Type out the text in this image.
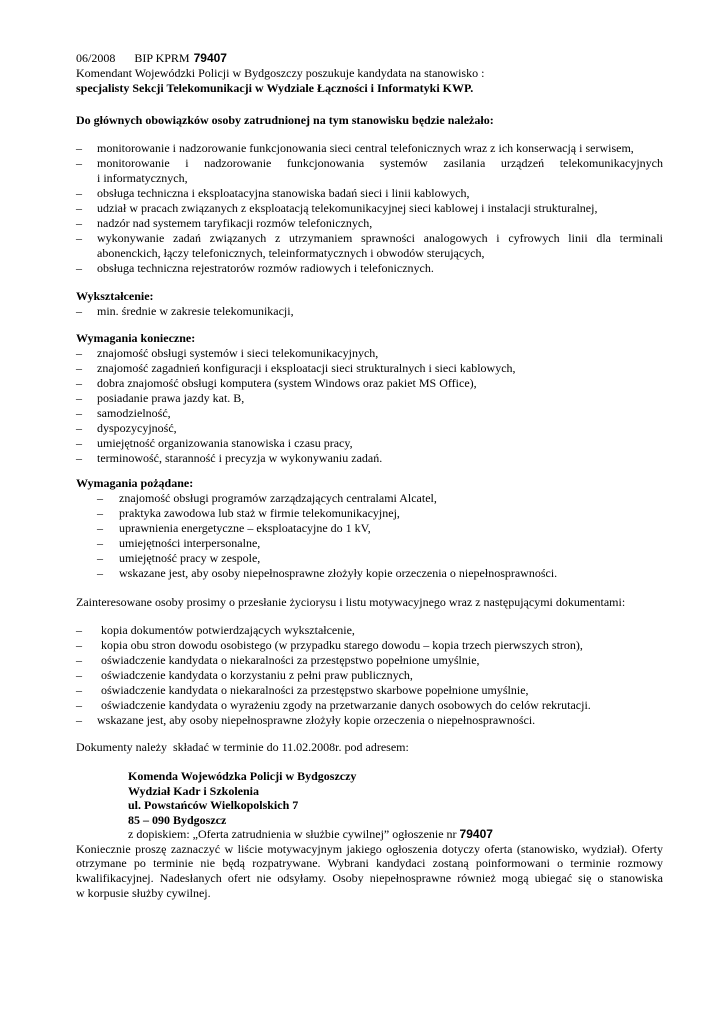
06/2008 BIP KPRM 79407
Komendant Wojewódzki Policji w Bydgoszczy poszukuje kandydata na stanowisko :
specjalisty Sekcji Telekomunikacji w Wydziale Łączności i Informatyki KWP.
Do głównych obowiązków osoby zatrudnionej na tym stanowisku będzie należało:
– monitorowanie i nadzorowanie funkcjonowania sieci central telefonicznych wraz z ich konserwacją i serwisem,
– monitorowanie i nadzorowanie funkcjonowania systemów zasilania urządzeń telekomunikacyjnych i informatycznych,
– obsługa techniczna i eksploatacyjna stanowiska badań sieci i linii kablowych,
– udział w pracach związanych z eksploatacją telekomunikacyjnej sieci kablowej i instalacji strukturalnej,
– nadzór nad systemem taryfikacji rozmów telefonicznych,
– wykonywanie zadań związanych z utrzymaniem sprawności analogowych i cyfrowych linii dla terminali abonenckich, łączy telefonicznych, teleinformatycznych i obwodów sterujących,
– obsługa techniczna rejestratorów rozmów radiowych i telefonicznych.
Wykształcenie:
– min. średnie w zakresie telekomunikacji,
Wymagania konieczne:
– znajomość obsługi systemów i sieci telekomunikacyjnych,
– znajomość zagadnień konfiguracji i eksploatacji sieci strukturalnych i sieci kablowych,
– dobra znajomość obsługi komputera (system Windows oraz pakiet MS Office),
– posiadanie prawa jazdy kat. B,
– samodzielność,
– dyspozycyjność,
– umiejętność organizowania stanowiska i czasu pracy,
– terminowość, staranność i precyzja w wykonywaniu zadań.
Wymagania pożądane:
– znajomość obsługi programów zarządzających centralami Alcatel,
– praktyka zawodowa lub staż w firmie telekomunikacyjnej,
– uprawnienia energetyczne – eksploatacyjne do 1 kV,
– umiejętności interpersonalne,
– umiejętność pracy w zespole,
– wskazane jest, aby osoby niepełnosprawne złożyły kopie orzeczenia o niepełnosprawności.
Zainteresowane osoby prosimy o przesłanie życiorysu i listu motywacyjnego wraz z następującymi dokumentami:
– kopia dokumentów potwierdzających wykształcenie,
– kopia obu stron dowodu osobistego (w przypadku starego dowodu – kopia trzech pierwszych stron),
– oświadczenie kandydata o niekaralności za przestępstwo popełnione umyślnie,
– oświadczenie kandydata o korzystaniu z pełni praw publicznych,
– oświadczenie kandydata o niekaralności za przestępstwo skarbowe popełnione umyślnie,
– oświadczenie kandydata o wyrażeniu zgody na przetwarzanie danych osobowych do celów rekrutacji.
– wskazane jest, aby osoby niepełnosprawne złożyły kopie orzeczenia o niepełnosprawności.
Dokumenty należy  składać w terminie do 11.02.2008r. pod adresem:
Komenda Wojewódzka Policji w Bydgoszczy
Wydział Kadr i Szkolenia
ul. Powstańców Wielkopolskich 7
85 – 090 Bydgoszcz
z dopiskiem: „Oferta zatrudnienia w służbie cywilnej” ogłoszenie nr 79407
Koniecznie proszę zaznaczyć w liście motywacyjnym jakiego ogłoszenia dotyczy oferta (stanowisko, wydział). Oferty otrzymane po terminie nie będą rozpatrywane. Wybrani kandydaci zostaną poinformowani o terminie rozmowy kwalifikacyjnej. Nadesłanych ofert nie odsyłamy. Osoby niepełnosprawne również mogą ubiegać się o stanowiska w korpusie służby cywilnej.
